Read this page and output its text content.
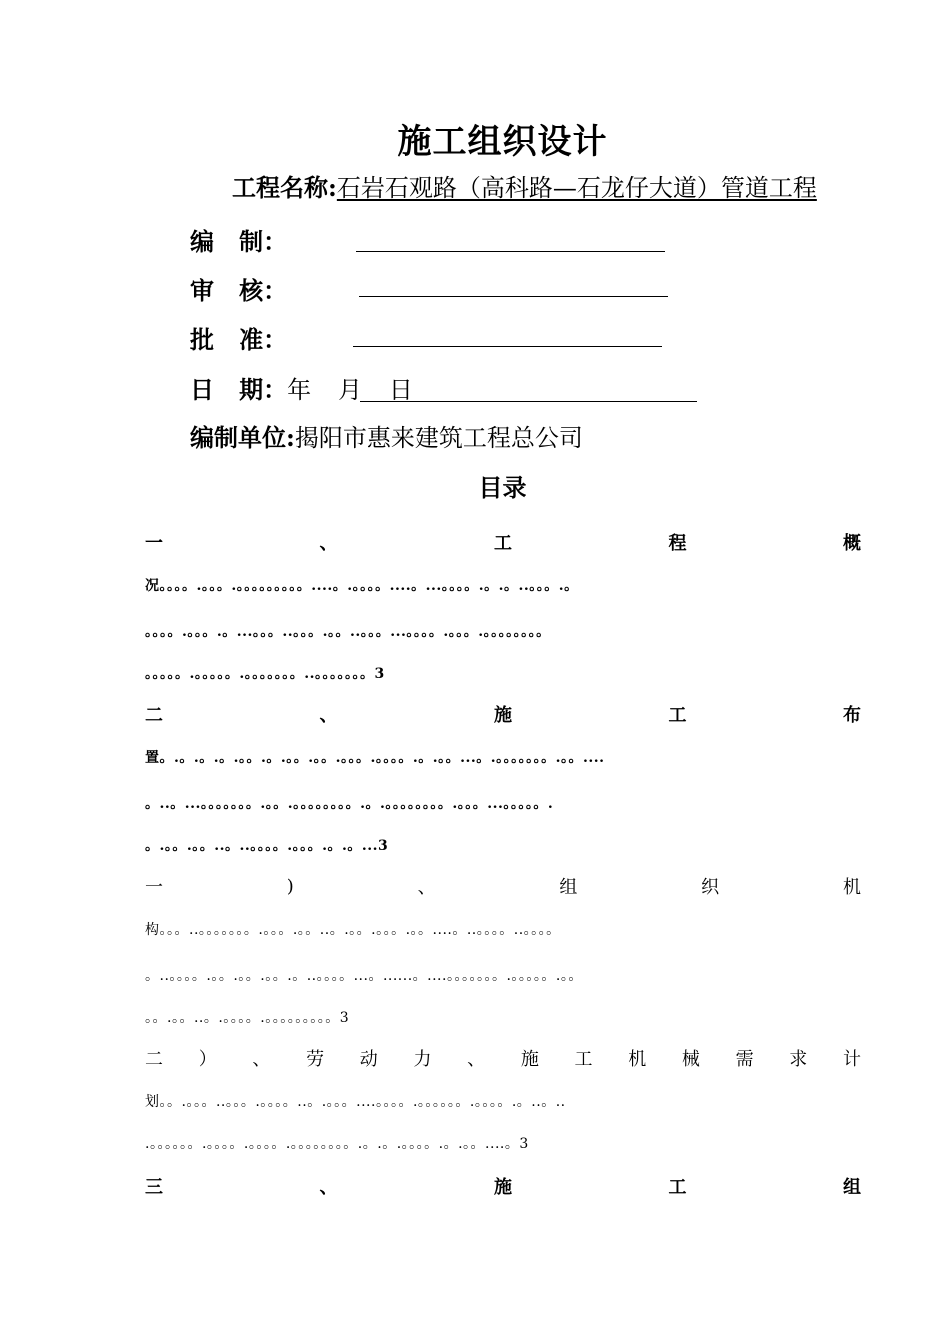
施工组织设计
工程名称:石岩石观路（高科路—石龙仔大道）管道工程
编   制：
审   核：
批   准：
日   期：年   月   日
编制单位:揭阳市惠来建筑工程总公司
目录
一	、	工	程	概
况。。。。.。。。.。。。。。。。。。....。.。。。。....。...。。。。.。.。..。。。.。
。。。。.。。。.。...。。。..。。。.。。..。。。...。。。。.。。。.。。。。。。。。
。。。。。.。。。。。.。。。。。。。..。。。。。。。3
二	、	施	工	布
置。.。.。.。.。。.。.。。.。。.。。。.。。。。.。.。。...。.。。。。。。。.。。....
。..。...。。。。。。。.。。.。。。。。。。。.。.。。。。。。。。.。。。...。。。。。.
。.。。.。。..。..。。。。.。。。.。.。...3
一	)	、	组	织	机
构。。。..。。。。。。。.。。。.。。..。.。。.。。。.。。....。..。。。。..。。。。
。..。。。。.。。.。。.。。.。..。。。。...。......。....。。。。。。。.。。。。。.。。
。。.。。..。.。。。。.。。。。。。。。。3
二 ） 、 劳 动 力 、 施 工 机 械 需 求 计
划。。.。。。..。。。.。。。。..。.。。。....。。。。.。。。。。。.。。。。.。..。..
.。。。。。。.。。。。.。。。。.。。。。。。。。.。.。.。。。。.。.。。....。3
三	、	施	工	组
